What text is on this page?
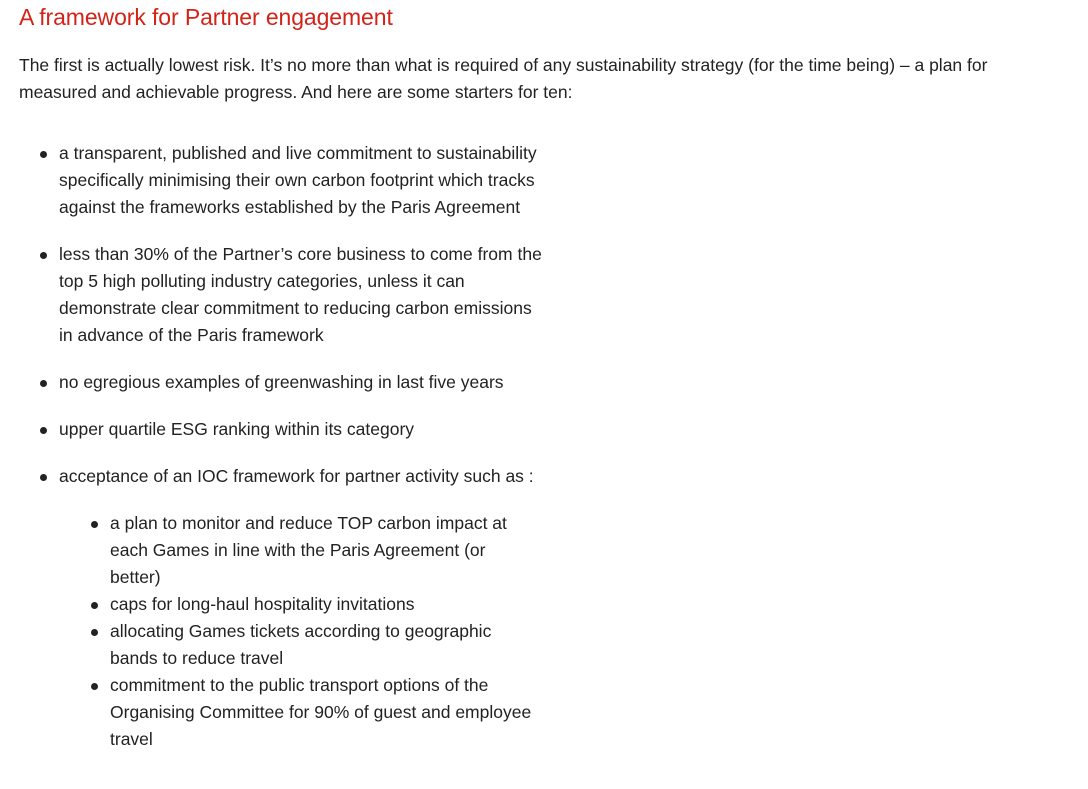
A framework for Partner engagement

The first is actually lowest risk. It’s no more than what is required of any sustainability strategy (for the time being) – a plan for measured and achievable progress. And here are some starters for ten:

a transparent, published and live commitment to sustainability specifically minimising their own carbon footprint which tracks against the frameworks established by the Paris Agreement
less than 30% of the Partner’s core business to come from the top 5 high polluting industry categories, unless it can demonstrate clear commitment to reducing carbon emissions in advance of the Paris framework
no egregious examples of greenwashing in last five years
upper quartile ESG ranking within its category
acceptance of an IOC framework for partner activity such as :
a plan to monitor and reduce TOP carbon impact at each Games in line with the Paris Agreement (or better)
caps for long-haul hospitality invitations
allocating Games tickets according to geographic bands to reduce travel
commitment to the public transport options of the Organising Committee for 90% of guest and employee travel
